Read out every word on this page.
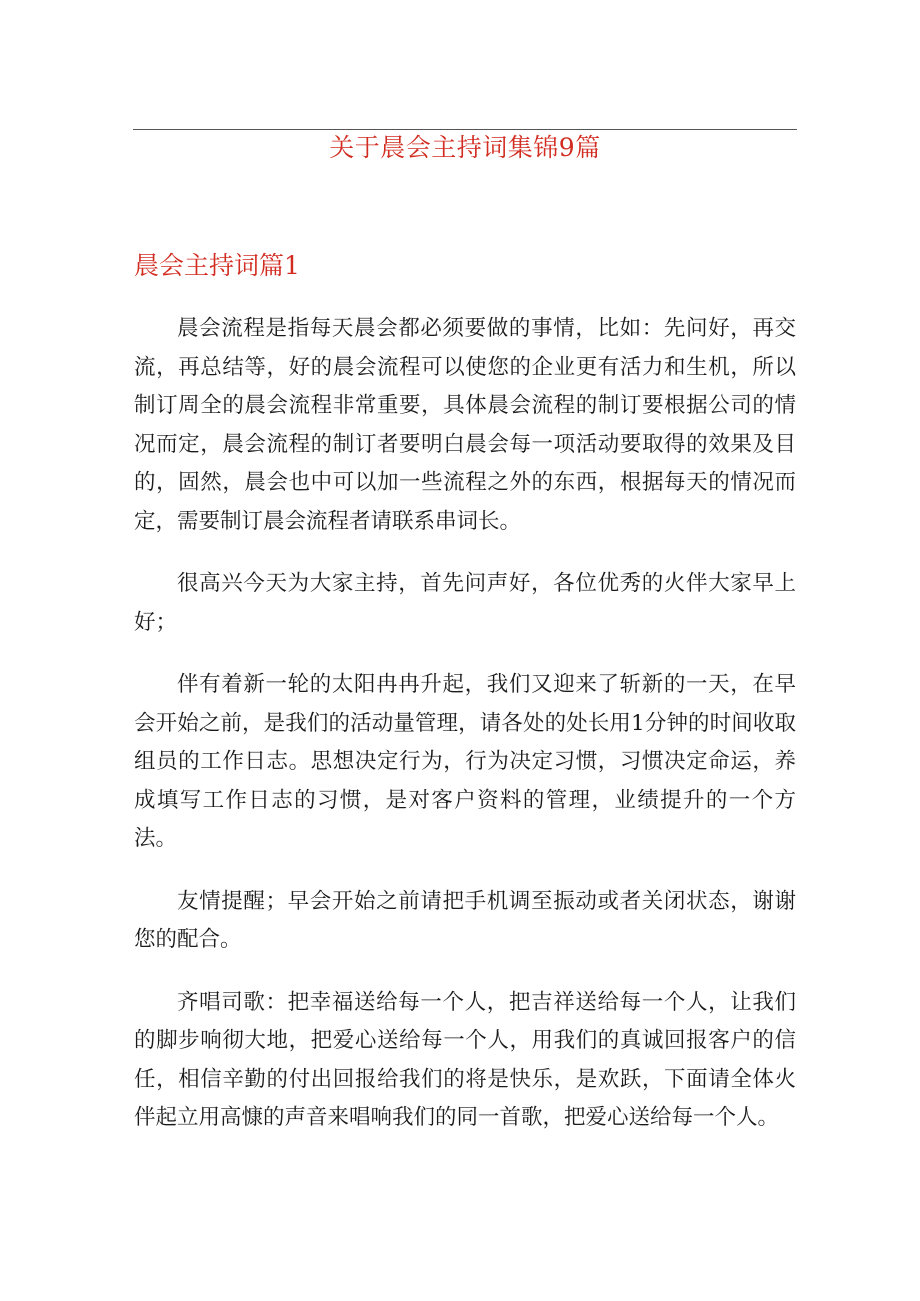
关于晨会主持词集锦9篇
晨会主持词篇1

晨会流程是指每天晨会都必须要做的事情，比如：先问好，再交流，再总结等，好的晨会流程可以使您的企业更有活力和生机，所以制订周全的晨会流程非常重要，具体晨会流程的制订要根据公司的情况而定，晨会流程的制订者要明白晨会每一项活动要取得的效果及目的，固然，晨会也中可以加一些流程之外的东西，根据每天的情况而定，需要制订晨会流程者请联系串词长。

很高兴今天为大家主持，首先问声好，各位优秀的火伴大家早上好；

伴有着新一轮的太阳冉冉升起，我们又迎来了斩新的一天，在早会开始之前，是我们的活动量管理，请各处的处长用1分钟的时间收取组员的工作日志。思想决定行为，行为决定习惯，习惯决定命运，养成填写工作日志的习惯，是对客户资料的管理，业绩提升的一个方法。

友情提醒；早会开始之前请把手机调至振动或者关闭状态，谢谢您的配合。

齐唱司歌：把幸福送给每一个人，把吉祥送给每一个人，让我们的脚步响彻大地，把爱心送给每一个人，用我们的真诚回报客户的信任，相信辛勤的付出回报给我们的将是快乐，是欢跃，下面请全体火伴起立用高慷的声音来唱响我们的同一首歌，把爱心送给每一个人。
